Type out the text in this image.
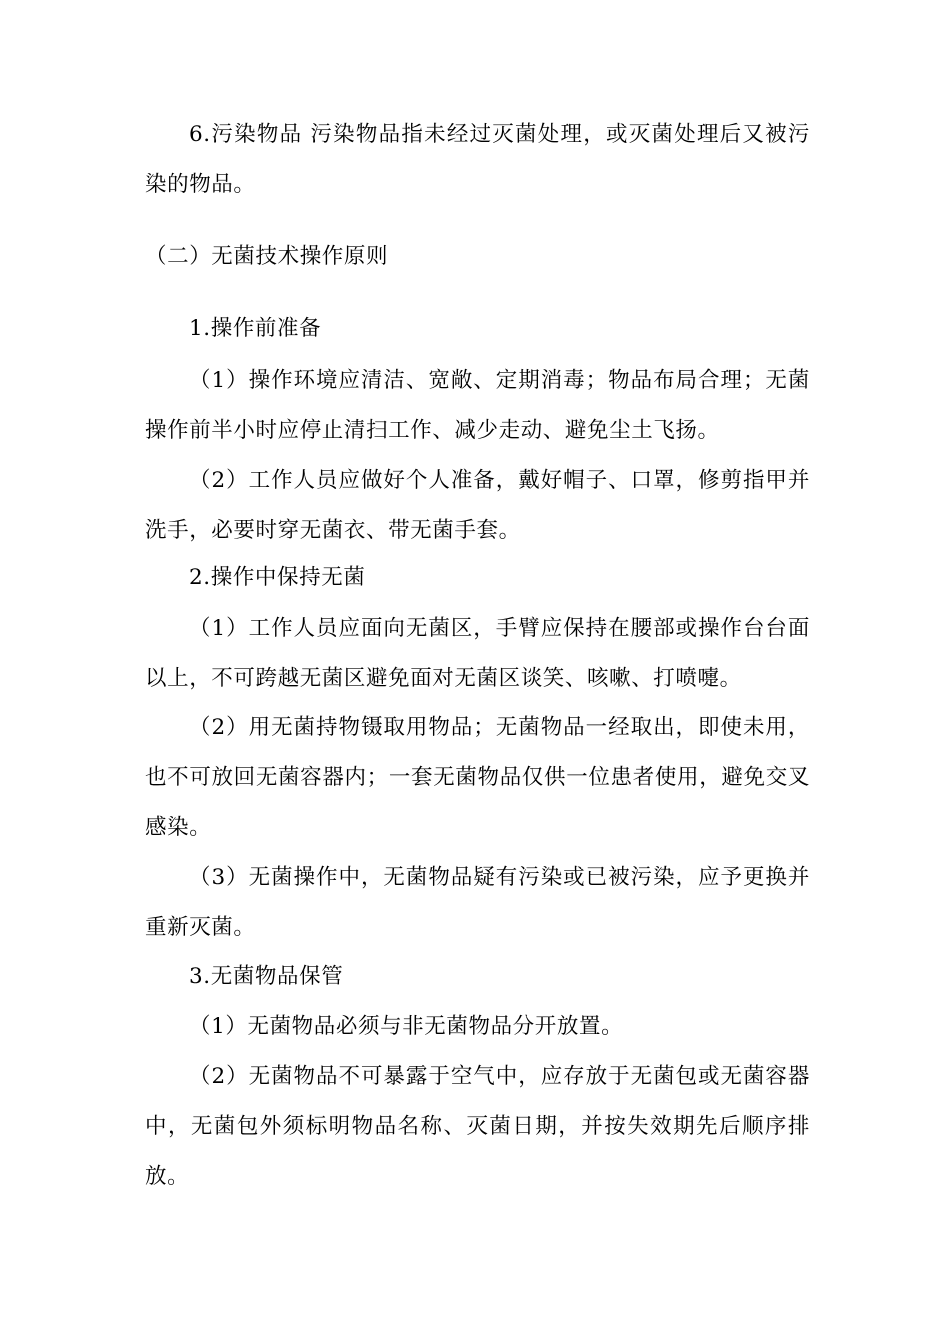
6.污染物品 污染物品指未经过灭菌处理，或灭菌处理后又被污染的物品。

（二）无菌技术操作原则

1.操作前准备

（1）操作环境应清洁、宽敞、定期消毒；物品布局合理；无菌操作前半小时应停止清扫工作、减少走动、避免尘土飞扬。

（2）工作人员应做好个人准备，戴好帽子、口罩，修剪指甲并洗手，必要时穿无菌衣、带无菌手套。

2.操作中保持无菌

（1）工作人员应面向无菌区，手臂应保持在腰部或操作台台面以上，不可跨越无菌区避免面对无菌区谈笑、咳嗽、打喷嚏。

（2）用无菌持物镊取用物品；无菌物品一经取出，即使未用，也不可放回无菌容器内；一套无菌物品仅供一位患者使用，避免交叉感染。

（3）无菌操作中，无菌物品疑有污染或已被污染，应予更换并重新灭菌。

3.无菌物品保管

（1）无菌物品必须与非无菌物品分开放置。

（2）无菌物品不可暴露于空气中，应存放于无菌包或无菌容器中，无菌包外须标明物品名称、灭菌日期，并按失效期先后顺序排放。
